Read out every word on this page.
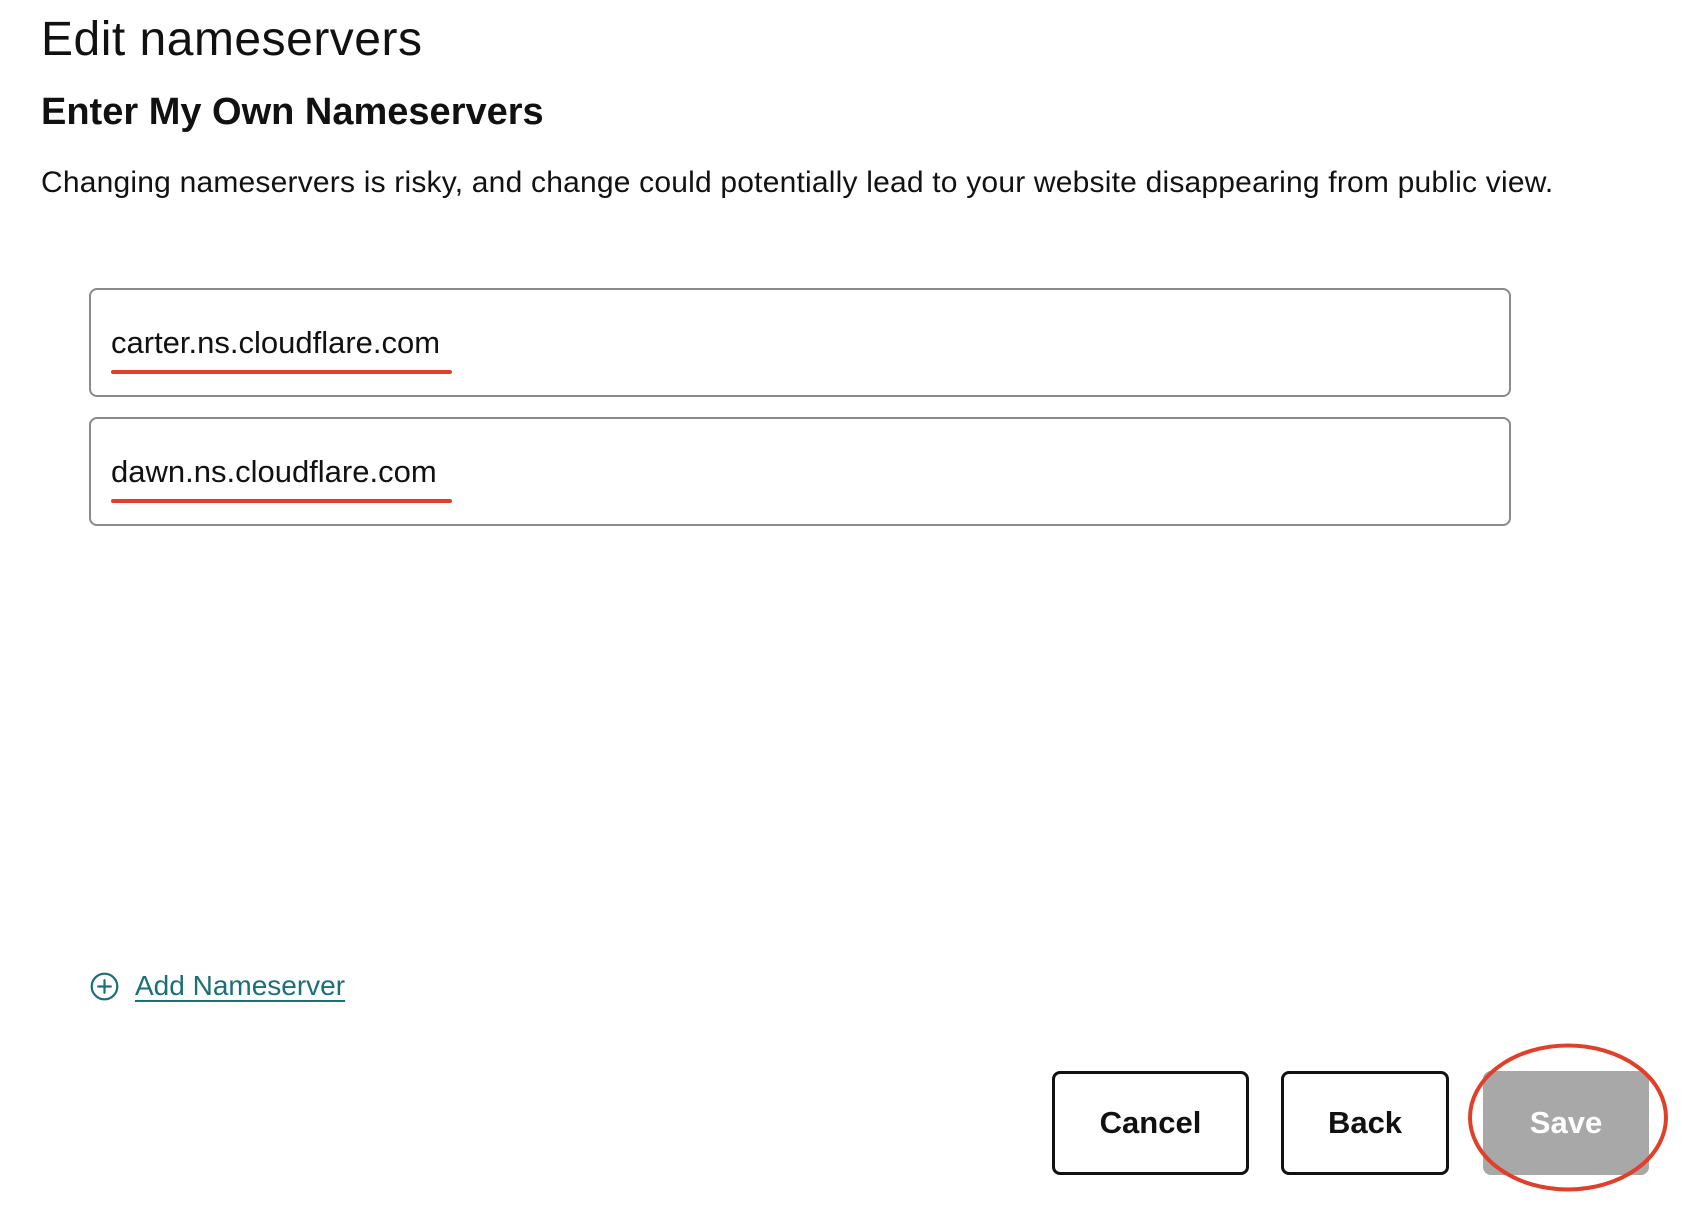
Edit nameservers
Enter My Own Nameservers

Changing nameservers is risky, and change could potentially lead to your website disappearing from public view.

carter.ns.cloudflare.com
dawn.ns.cloudflare.com
Add Nameserver
Cancel	Back	Save
